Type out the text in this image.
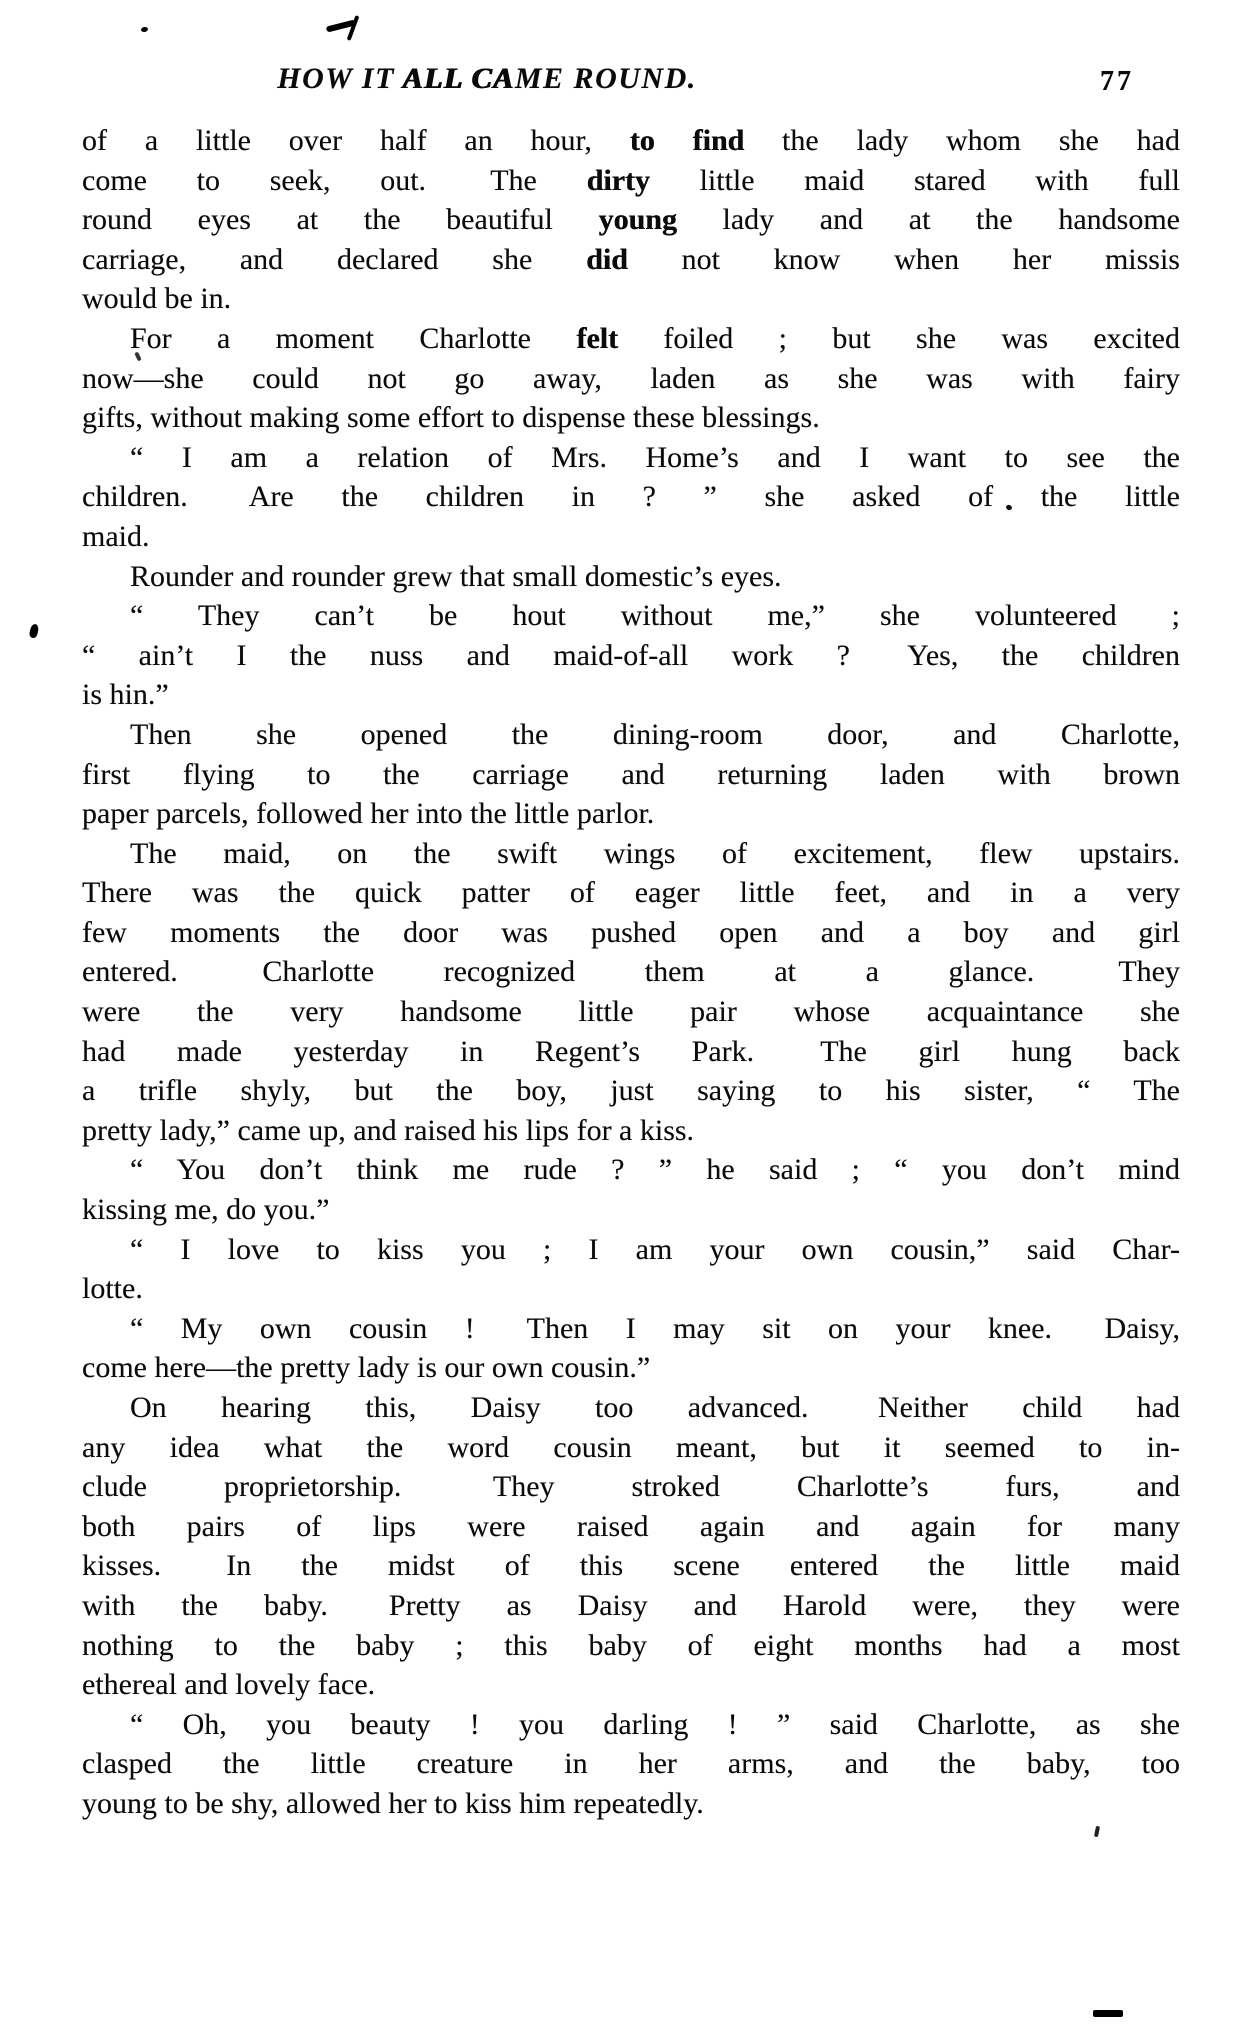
HOW IT ALL CAME ROUND.	77
of a little over half an hour, to find the lady whom she had
come to seek, out.  The dirty little maid stared with full
round eyes at the beautiful young lady and at the handsome
carriage, and declared she did not know when her missis
would be in.
For a moment Charlotte felt foiled ; but she was excited
now—she could not go away, laden as she was with fairy
gifts, without making some effort to dispense these blessings.
“ I am a relation of Mrs. Home’s and I want to see the
children.  Are the children in ? ” she asked of the little
maid.
Rounder and rounder grew that small domestic’s eyes.
“ They can’t be hout without me,” she volunteered ;
“ ain’t I the nuss and maid-of-all work ?  Yes, the children
is hin.”
Then she opened the dining-room door, and Charlotte,
first flying to the carriage and returning laden with brown
paper parcels, followed her into the little parlor.
The maid, on the swift wings of excitement, flew upstairs.
There was the quick patter of eager little feet, and in a very
few moments the door was pushed open and a boy and girl
entered.  Charlotte recognized them at a glance.  They
were the very handsome little pair whose acquaintance she
had made yesterday in Regent’s Park.  The girl hung back
a trifle shyly, but the boy, just saying to his sister, “ The
pretty lady,” came up, and raised his lips for a kiss.
“ You don’t think me rude ? ” he said ; “ you don’t mind
kissing me, do you.”
“ I love to kiss you ; I am your own cousin,” said Char-
lotte.
“ My own cousin !  Then I may sit on your knee.  Daisy,
come here—the pretty lady is our own cousin.”
On hearing this, Daisy too advanced.  Neither child had
any idea what the word cousin meant, but it seemed to in-
clude proprietorship.  They stroked Charlotte’s furs, and
both pairs of lips were raised again and again for many
kisses.  In the midst of this scene entered the little maid
with the baby.  Pretty as Daisy and Harold were, they were
nothing to the baby ; this baby of eight months had a most
ethereal and lovely face.
“ Oh, you beauty ! you darling ! ” said Charlotte, as she
clasped the little creature in her arms, and the baby, too
young to be shy, allowed her to kiss him repeatedly.
